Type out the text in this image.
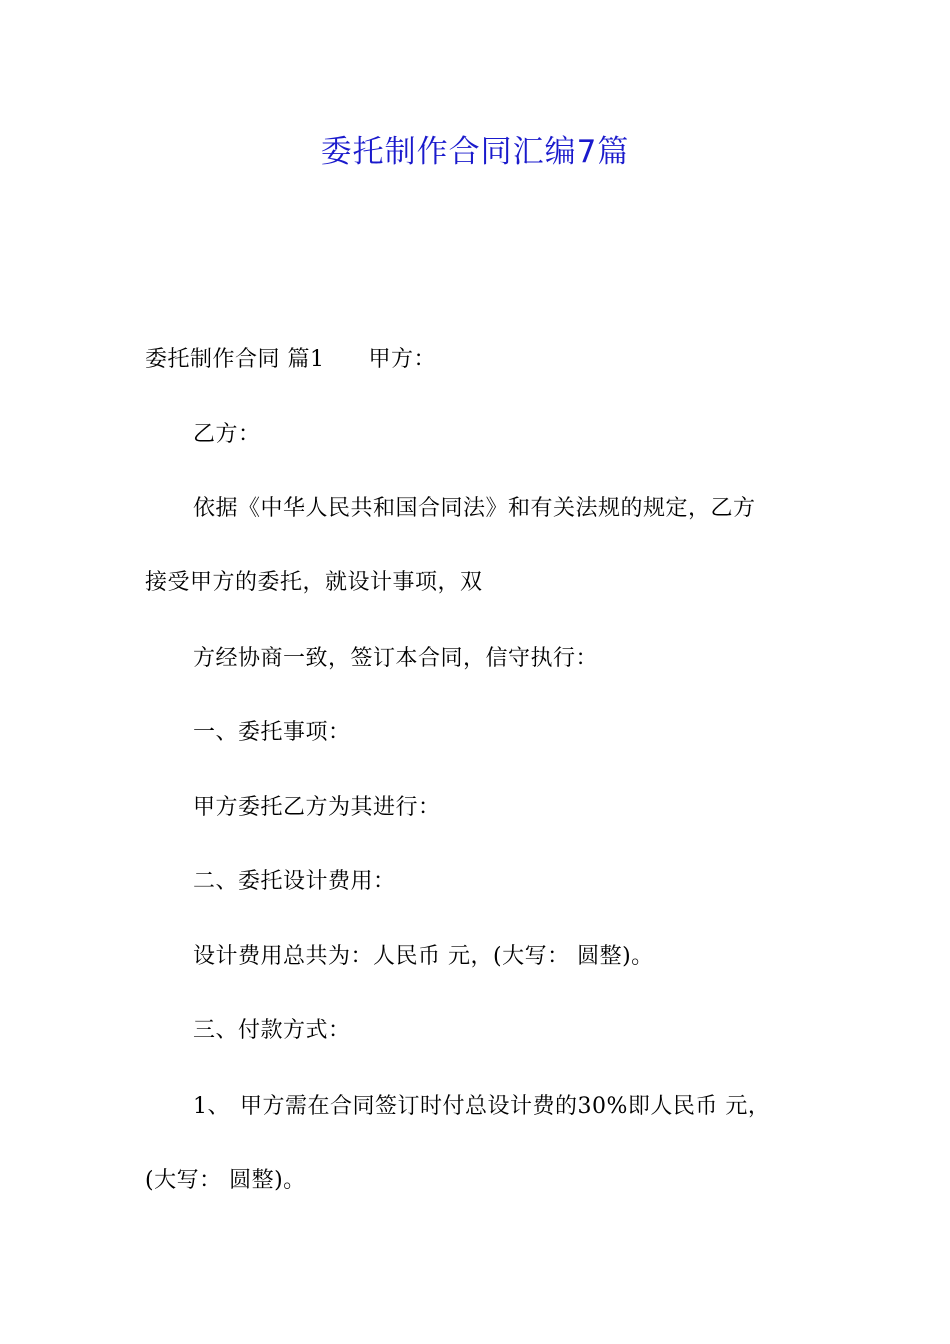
委托制作合同汇编7篇
委托制作合同 篇1 甲方：
乙方：
依据《中华人民共和国合同法》和有关法规的规定，乙方
接受甲方的委托，就设计事项，双
方经协商一致，签订本合同，信守执行：
一、委托事项：
甲方委托乙方为其进行：
二、委托设计费用：
设计费用总共为：人民币 元，(大写： 圆整)。
三、付款方式：
1、 甲方需在合同签订时付总设计费的30%即人民币 元，
(大写： 圆整)。
